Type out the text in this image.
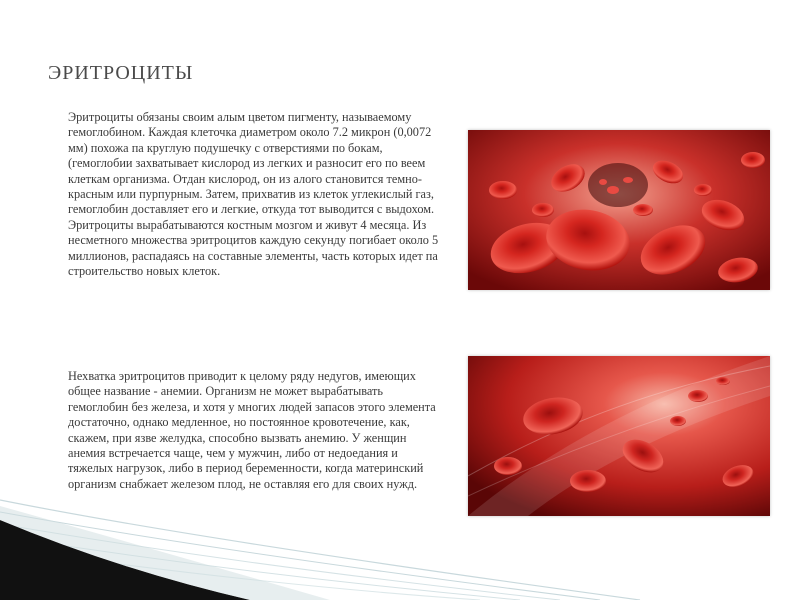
ЭРИТРОЦИТЫ
Эритроциты обязаны своим алым цветом пигменту, называемому гемоглобином. Каждая клеточка диаметром около 7.2 микрон (0,0072 мм) похожа па круглую подушечку с отверстиями по бокам, (гемоглобии захватывает кислород из легких и разносит его по веем клеткам организма. Отдан кислород, он из алого становится темно-красным или пурпурным. Затем, прихватив из клеток углекислый газ, гемоглобин доставляет его и легкие, откуда тот выводится с выдохом. Эритроциты вырабатываются костным мозгом и живут 4 месяца. Из несметного множества эритроцитов каждую секунду погибает около 5 миллионов, распадаясь на составные элементы, часть которых идет па строительство новых клеток.
Нехватка эритроцитов приводит к целому ряду недугов, имеющих общее название - анемии. Организм не может вырабатывать гемоглобин без железа, и хотя у многих людей запасов этого элемента достаточно, однако медленное, но постоянное кровотечение, как, скажем, при язве желудка, способно вызвать анемию. У женщин анемия встречается чаще, чем у мужчин, либо от недоедания и тяжелых нагрузок, либо в период беременности, когда материнский организм снабжает железом плод, не оставляя его для своих нужд.
